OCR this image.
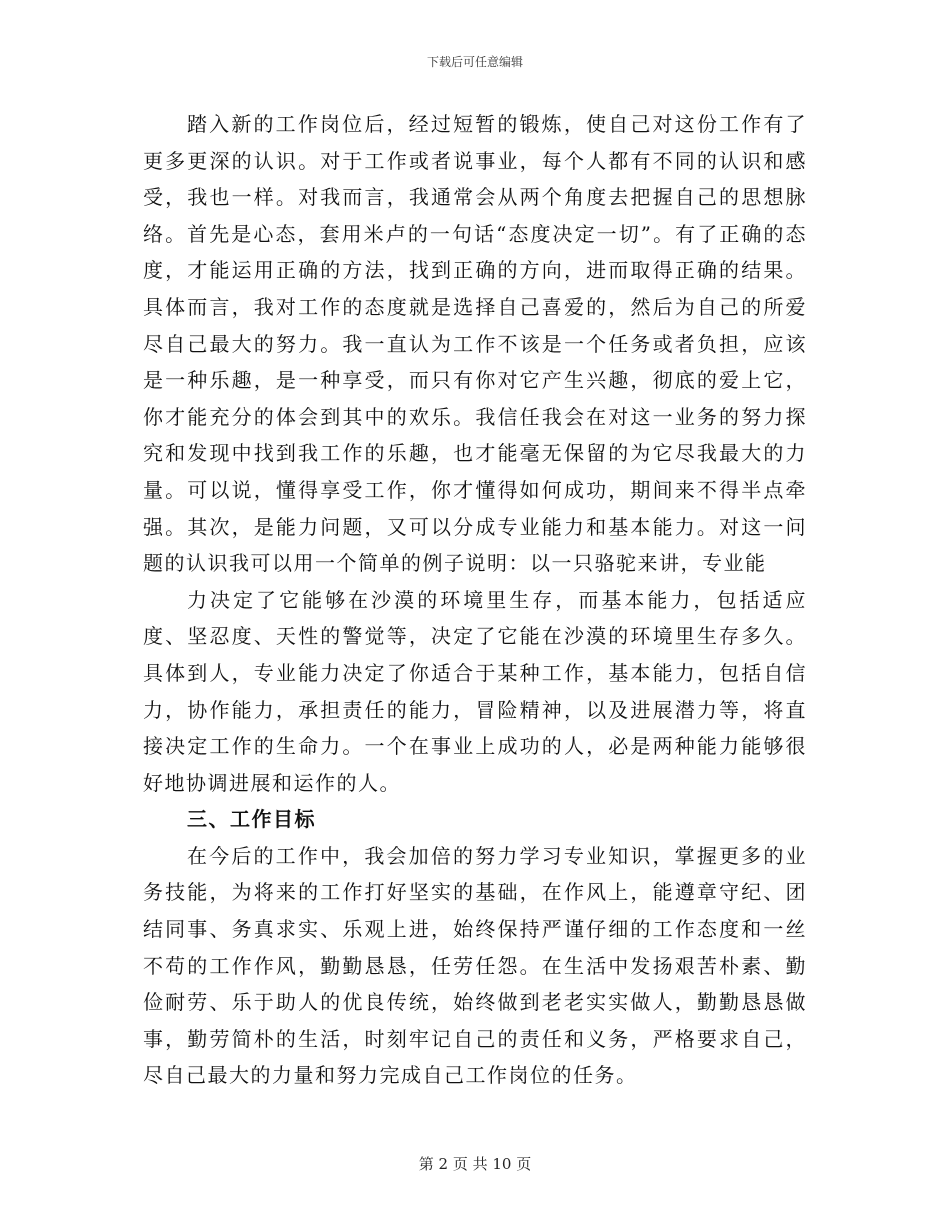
下载后可任意编辑

踏入新的工作岗位后，经过短暂的锻炼，使自己对这份工作有了更多更深的认识。对于工作或者说事业，每个人都有不同的认识和感受，我也一样。对我而言，我通常会从两个角度去把握自己的思想脉络。首先是心态，套用米卢的一句话“态度决定一切”。有了正确的态度，才能运用正确的方法，找到正确的方向，进而取得正确的结果。具体而言，我对工作的态度就是选择自己喜爱的，然后为自己的所爱尽自己最大的努力。我一直认为工作不该是一个任务或者负担，应该是一种乐趣，是一种享受，而只有你对它产生兴趣，彻底的爱上它，你才能充分的体会到其中的欢乐。我信任我会在对这一业务的努力探究和发现中找到我工作的乐趣，也才能毫无保留的为它尽我最大的力量。可以说，懂得享受工作，你才懂得如何成功，期间来不得半点牵强。其次，是能力问题，又可以分成专业能力和基本能力。对这一问题的认识我可以用一个简单的例子说明：以一只骆驼来讲，专业能

力决定了它能够在沙漠的环境里生存，而基本能力，包括适应度、坚忍度、天性的警觉等，决定了它能在沙漠的环境里生存多久。具体到人，专业能力决定了你适合于某种工作，基本能力，包括自信力，协作能力，承担责任的能力，冒险精神，以及进展潜力等，将直接决定工作的生命力。一个在事业上成功的人，必是两种能力能够很好地协调进展和运作的人。

三、工作目标

在今后的工作中，我会加倍的努力学习专业知识，掌握更多的业务技能，为将来的工作打好坚实的基础，在作风上，能遵章守纪、团结同事、务真求实、乐观上进，始终保持严谨仔细的工作态度和一丝不苟的工作作风，勤勤恳恳，任劳任怨。在生活中发扬艰苦朴素、勤俭耐劳、乐于助人的优良传统，始终做到老老实实做人，勤勤恳恳做事，勤劳简朴的生活，时刻牢记自己的责任和义务，严格要求自己，尽自己最大的力量和努力完成自己工作岗位的任务。

第 2 页 共 10 页
